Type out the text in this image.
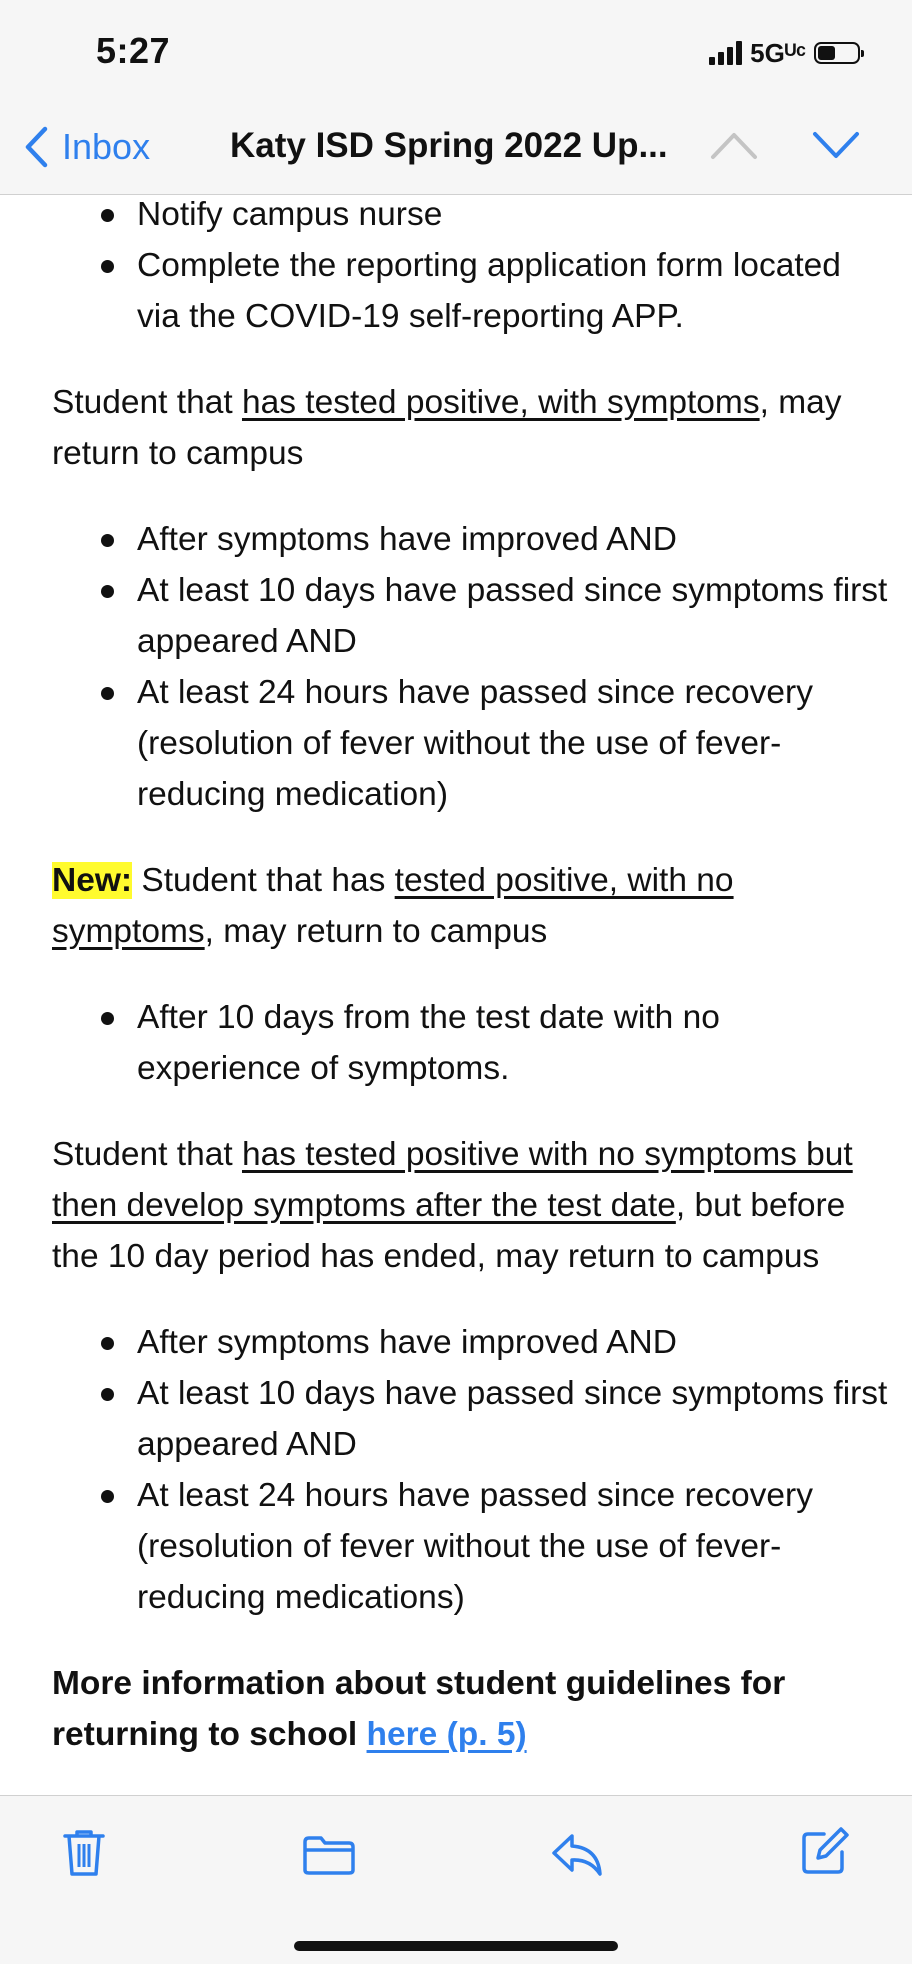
5:27	5Gᵁᶜ
Inbox Katy ISD Spring 2022 Up...
Notify campus nurse
Complete the reporting application form located via the COVID-19 self-reporting APP.

Student that has tested positive, with symptoms, may return to campus

After symptoms have improved AND
At least 10 days have passed since symptoms first appeared AND
At least 24 hours have passed since recovery (resolution of fever without the use of fever-reducing medication)

New: Student that has tested positive, with no symptoms, may return to campus

After 10 days from the test date with no experience of symptoms.

Student that has tested positive with no symptoms but then develop symptoms after the test date, but before the 10 day period has ended, may return to campus

After symptoms have improved AND
At least 10 days have passed since symptoms first appeared AND
At least 24 hours have passed since recovery (resolution of fever without the use of fever-reducing medications)

More information about student guidelines for returning to school here (p. 5)
